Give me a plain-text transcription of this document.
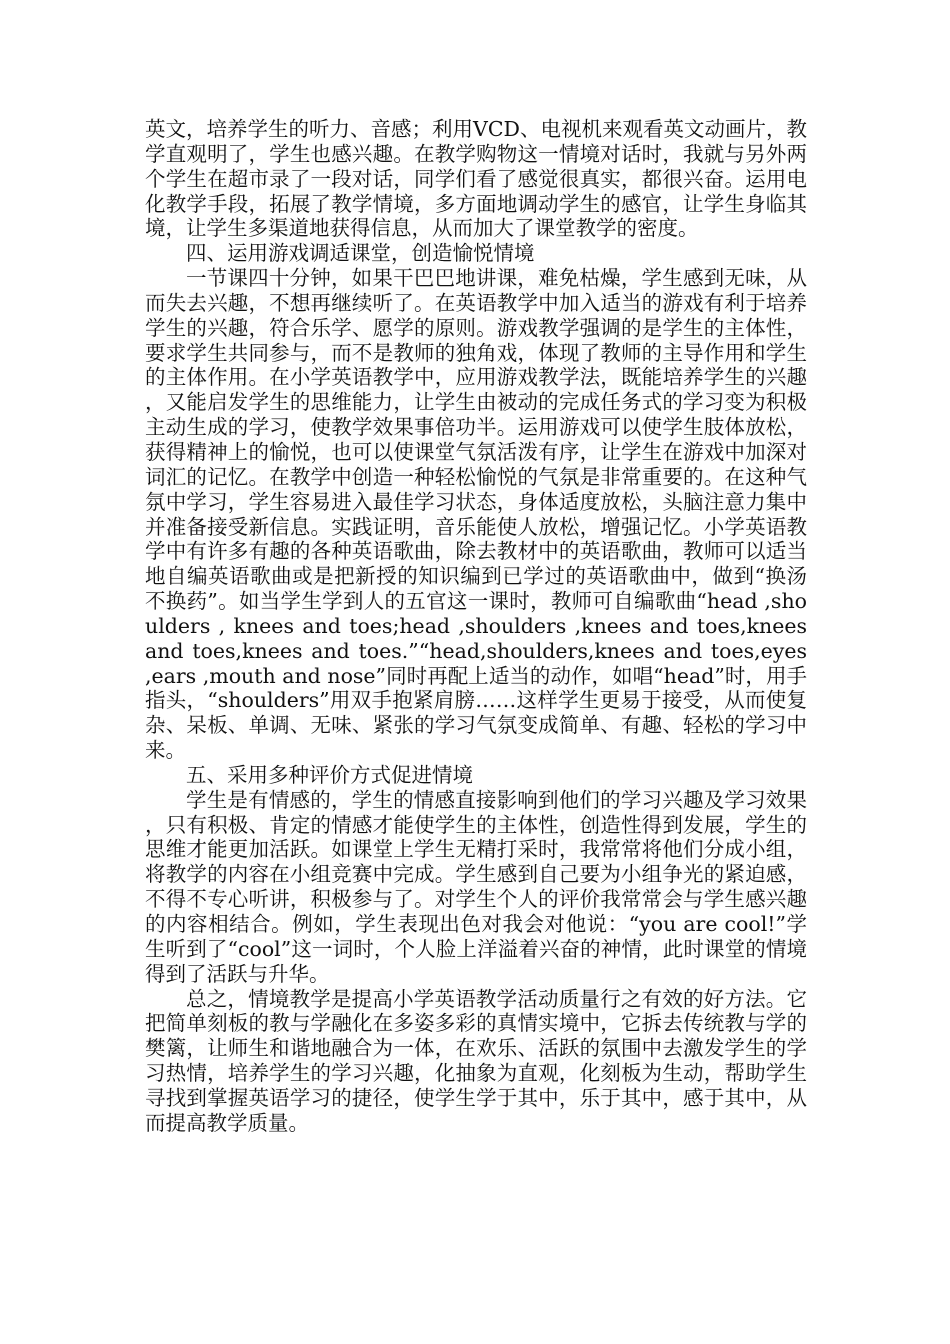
英文，培养学生的听力、音感；利用VCD、电视机来观看英文动画片，教学直观明了，学生也感兴趣。在教学购物这一情境对话时，我就与另外两个学生在超市录了一段对话，同学们看了感觉很真实，都很兴奋。运用电化教学手段，拓展了教学情境，多方面地调动学生的感官，让学生身临其境，让学生多渠道地获得信息，从而加大了课堂教学的密度。

四、运用游戏调适课堂，创造愉悦情境

一节课四十分钟，如果干巴巴地讲课，难免枯燥，学生感到无味，从而失去兴趣，不想再继续听了。在英语教学中加入适当的游戏有利于培养学生的兴趣，符合乐学、愿学的原则。游戏教学强调的是学生的主体性，要求学生共同参与，而不是教师的独角戏，体现了教师的主导作用和学生的主体作用。在小学英语教学中，应用游戏教学法，既能培养学生的兴趣，又能启发学生的思维能力，让学生由被动的完成任务式的学习变为积极主动生成的学习，使教学效果事倍功半。运用游戏可以使学生肢体放松，获得精神上的愉悦，也可以使课堂气氛活泼有序，让学生在游戏中加深对词汇的记忆。在教学中创造一种轻松愉悦的气氛是非常重要的。在这种气氛中学习，学生容易进入最佳学习状态，身体适度放松，头脑注意力集中并准备接受新信息。实践证明，音乐能使人放松，增强记忆。小学英语教学中有许多有趣的各种英语歌曲，除去教材中的英语歌曲，教师可以适当地自编英语歌曲或是把新授的知识编到已学过的英语歌曲中，做到“换汤不换药”。如当学生学到人的五官这一课时，教师可自编歌曲“head ,shoulders , knees and toes;head ,shoulders ,knees and toes,knees and toes,knees and toes.”“head,shoulders,knees and toes,eyes ,ears ,mouth and nose”同时再配上适当的动作，如唱“head”时，用手指头，“shoulders”用双手抱紧肩膀……这样学生更易于接受，从而使复杂、呆板、单调、无味、紧张的学习气氛变成简单、有趣、轻松的学习中来。

五、采用多种评价方式促进情境

学生是有情感的，学生的情感直接影响到他们的学习兴趣及学习效果，只有积极、肯定的情感才能使学生的主体性，创造性得到发展，学生的思维才能更加活跃。如课堂上学生无精打采时，我常常将他们分成小组，将教学的内容在小组竞赛中完成。学生感到自己要为小组争光的紧迫感，不得不专心听讲，积极参与了。对学生个人的评价我常常会与学生感兴趣的内容相结合。例如，学生表现出色对我会对他说：“you are cool!”学生听到了“cool”这一词时，个人脸上洋溢着兴奋的神情，此时课堂的情境得到了活跃与升华。

总之，情境教学是提高小学英语教学活动质量行之有效的好方法。它把简单刻板的教与学融化在多姿多彩的真情实境中，它拆去传统教与学的樊篱，让师生和谐地融合为一体，在欢乐、活跃的氛围中去激发学生的学习热情，培养学生的学习兴趣，化抽象为直观，化刻板为生动，帮助学生寻找到掌握英语学习的捷径，使学生学于其中，乐于其中，感于其中，从而提高教学质量。
